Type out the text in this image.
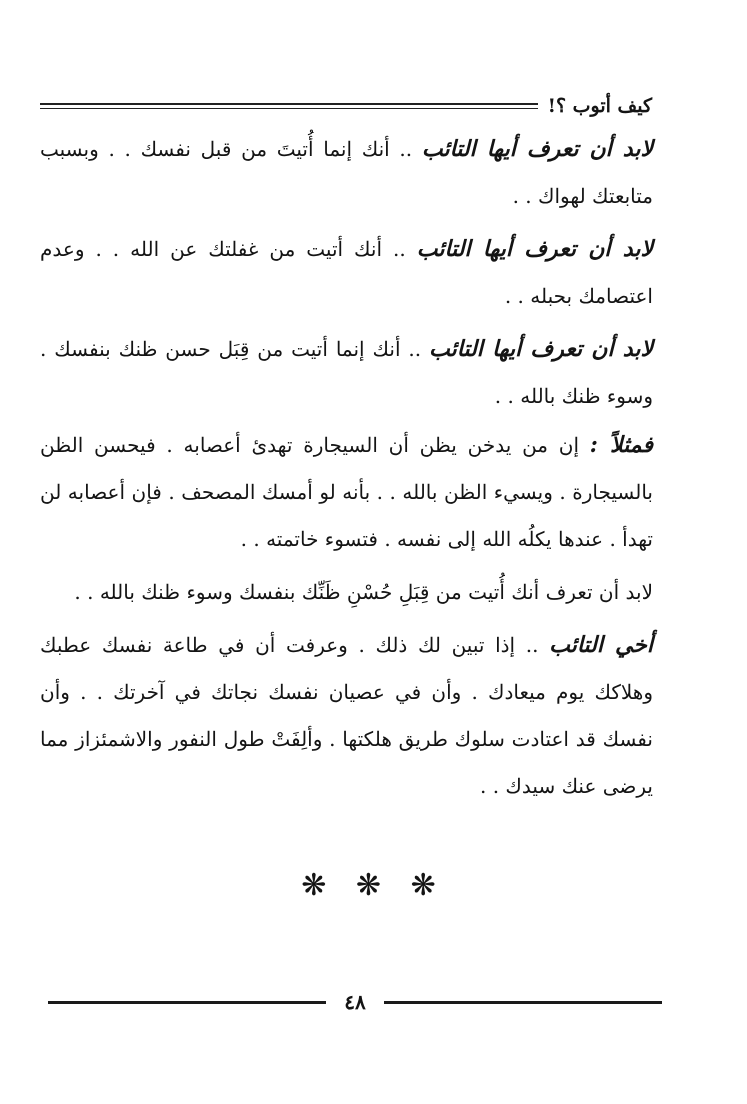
كيف أتوب ؟!

لابد أن تعرف أيها التائب .. أنك إنما أُتيتَ من قبل نفسك . . وبسبب متابعتك لهواك . .

لابد أن تعرف أيها التائب .. أنك أتيت من غفلتك عن الله . . وعدم اعتصامك بحبله . .

لابد أن تعرف أيها التائب .. أنك إنما أتيت من قِبَل حسن ظنك بنفسك . وسوء ظنك بالله . .

فمثلاً : إن من يدخن يظن أن السيجارة تهدئ أعصابه . فيحسن الظن بالسيجارة . ويسيء الظن بالله . . بأنه لو أمسك المصحف . فإن أعصابه لن تهدأ . عندها يكلُه الله إلى نفسه . فتسوء خاتمته . .

لابد أن تعرف أنك أُتيت من قِبَلِ حُسْنِ ظَنِّك بنفسك وسوء ظنك بالله . .

أخي التائب .. إذا تبين لك ذلك . وعرفت أن في طاعة نفسك عطبك وهلاكك يوم ميعادك . وأن في عصيان نفسك نجاتك في آخرتك . . وأن نفسك قد اعتادت سلوك طريق هلكتها . وألِفَتْ طول النفور والاشمئزاز مما يرضى عنك سيدك . .

❋ ❋ ❋
٤٨
